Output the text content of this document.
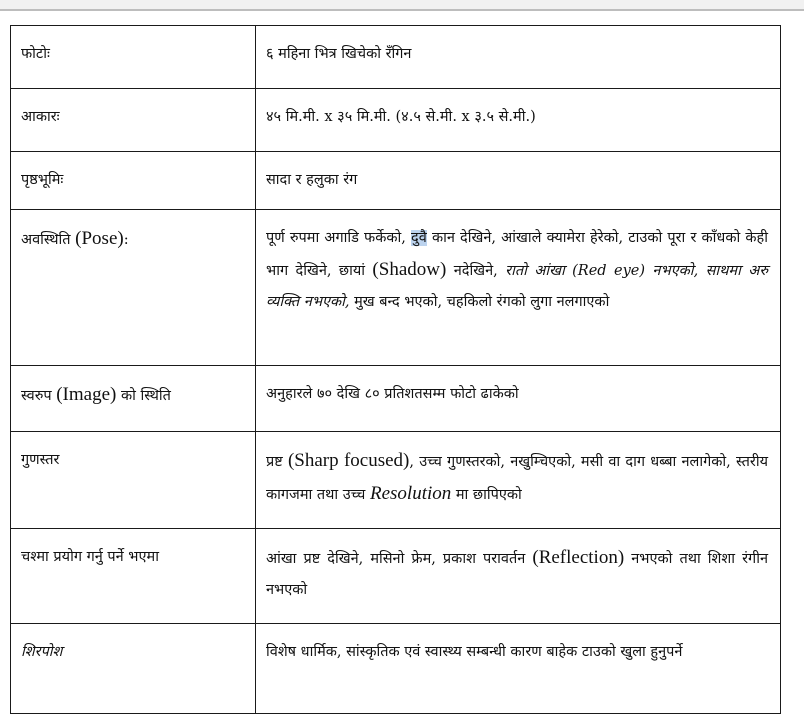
फोटोः	६ महिना भित्र खिचेको रँगिन
आकारः	४५ मि.मी. x ३५ मि.मी. (४.५ से.मी. x ३.५ से.मी.)
पृष्ठभूमिः	सादा र हलुका रंग
अवस्थिति (Pose):	पूर्ण रुपमा अगाडि फर्केको, दुवै कान देखिने, आंखाले क्यामेरा हेरेको, टाउको पूरा र काँधको केही भाग देखिने, छायां (Shadow) नदेखिने, रातो आंखा (Red eye) नभएको, साथमा अरु व्यक्ति नभएको, मुख बन्द भएको, चहकिलो रंगको लुगा नलगाएको
स्वरुप (Image) को स्थिति	अनुहारले ७० देखि ८० प्रतिशतसम्म फोटो ढाकेको
गुणस्तर	प्रष्ट (Sharp focused), उच्च गुणस्तरको, नखुम्चिएको, मसी वा दाग धब्बा नलागेको, स्तरीय कागजमा तथा उच्च Resolution मा छापिएको
चश्मा प्रयोग गर्नु पर्ने भएमा	आंखा प्रष्ट देखिने, मसिनो फ्रेम, प्रकाश परावर्तन (Reflection) नभएको तथा शिशा रंगीन नभएको
शिरपोश	विशेष धार्मिक, सांस्कृतिक एवं स्वास्थ्य सम्बन्धी कारण बाहेक टाउको खुला हुनुपर्ने
